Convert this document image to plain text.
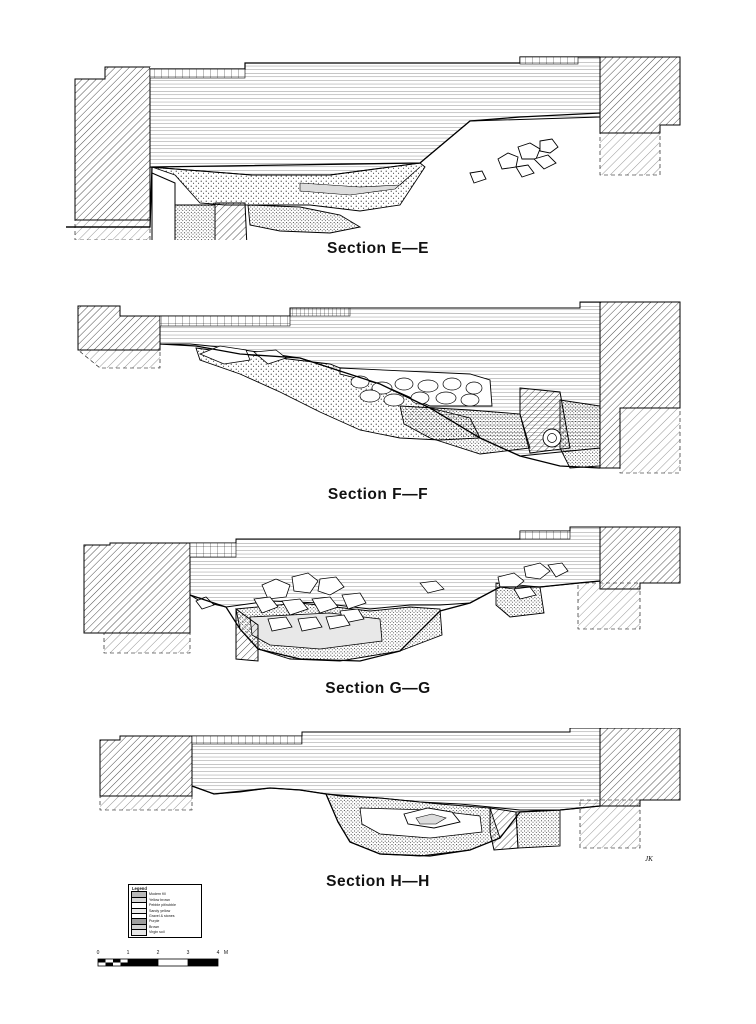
Section E—E
Section F—F
Section G—G
Section H—H
Legend
Modern fill
Yellow brown
Pebble pit/rubble
Sandy yellow
Gravel & stones
Purple
Brown
Virgin soil
0	1	2	3	4 M
JK
